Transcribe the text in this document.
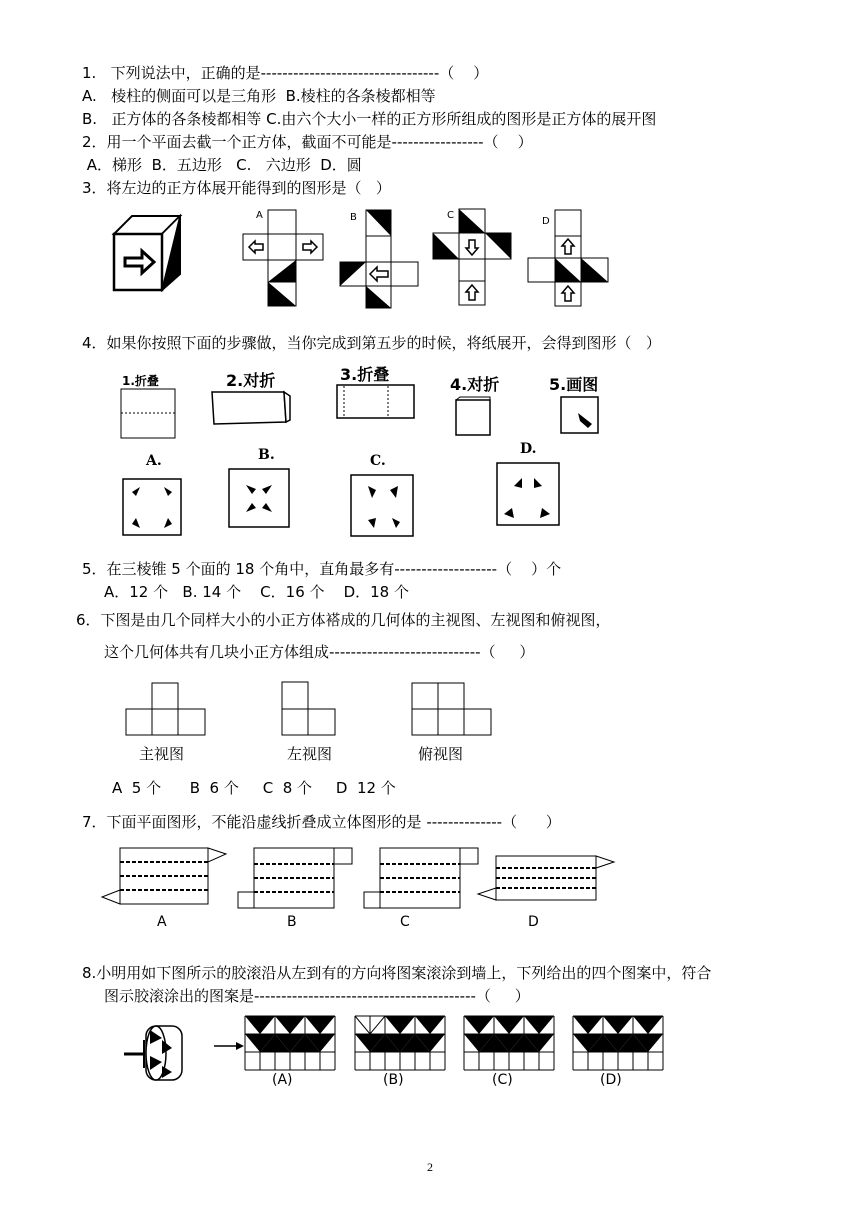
1.   下列说法中，正确的是---------------------------------（    ）
A.   棱柱的侧面可以是三角形  B.棱柱的各条棱都相等
B.   正方体的各条棱都相等 C.由六个大小一样的正方形所组成的图形是正方体的展开图
2．用一个平面去截一个正方体，截面不可能是-----------------（    ）
A．梯形  B．五边形   C.   六边形  D．圆
3．将左边的正方体展开能得到的图形是（   ）
A	B	C
D
4．如果你按照下面的步骤做，当你完成到第五步的时候，将纸展开，会得到图形（   ）
1.折叠	2.对折	3.折叠
4.对折	5.画图
A.	B.	C.
D.
5．在三棱锥 5 个面的 18 个角中，直角最多有-------------------（    ）个
A．12 个   B. 14 个    C．16 个    D．18 个
6．下图是由几个同样大小的小正方体褡成的几何体的主视图、左视图和俯视图，
这个几何体共有几块小正方体组成----------------------------（     ）
主视图	左视图	俯视图
A  5 个      B  6 个     C  8 个     D  12 个
7．下面平面图形，不能沿虚线折叠成立体图形的是 --------------（      ）
A	B	C	D
8.小明用如下图所示的胶滚沿从左到有的方向将图案滚涂到墙上，下列给出的四个图案中，符合
图示胶滚涂出的图案是-----------------------------------------（     ）
(A)	(B)	(C)	(D)
2
